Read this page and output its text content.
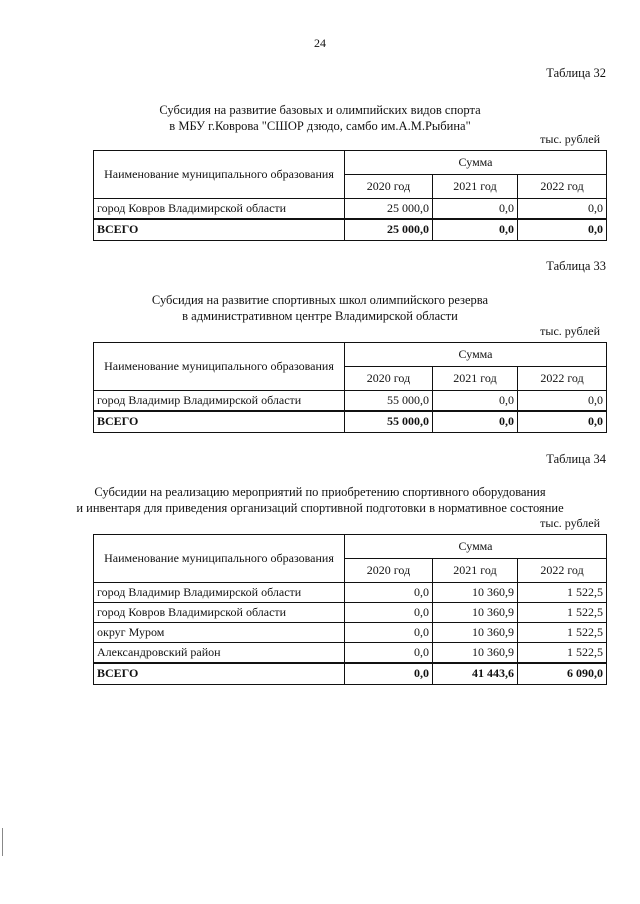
24
Таблица 32
Субсидия на развитие базовых и олимпийских видов спорта
в МБУ г.Коврова "СШОР дзюдо, самбо им.А.М.Рыбина"
тыс. рублей
Наименование муниципального образования	Сумма		
	2020 год	2021 год	2022 год
город Ковров Владимирской области	25 000,0	0,0	0,0
ВСЕГО	25 000,0	0,0	0,0
Таблица 33
Субсидия на развитие спортивных школ олимпийского резерва
в административном центре Владимирской области
тыс. рублей
Наименование муниципального образования	Сумма		
	2020 год	2021 год	2022 год
город Владимир Владимирской области	55 000,0	0,0	0,0
ВСЕГО	55 000,0	0,0	0,0
Таблица 34
Субсидии на реализацию мероприятий по приобретению спортивного оборудования
и инвентаря для приведения организаций спортивной подготовки в нормативное состояние
тыс. рублей
Наименование муниципального образования	Сумма		
	2020 год	2021 год	2022 год
город Владимир Владимирской области	0,0	10 360,9	1 522,5
город Ковров Владимирской области	0,0	10 360,9	1 522,5
округ Муром	0,0	10 360,9	1 522,5
Александровский район	0,0	10 360,9	1 522,5
ВСЕГО	0,0	41 443,6	6 090,0
